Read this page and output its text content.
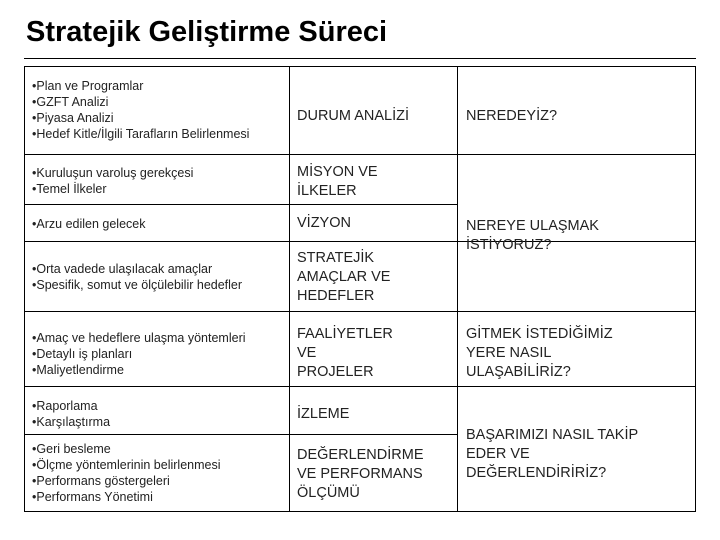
Stratejik Geliştirme Süreci
• Plan ve Programlar
• GZFT Analizi
• Piyasa Analizi
• Hedef Kitle/İlgili Tarafların Belirlenmesi
DURUM ANALİZİ
• Kuruluşun varoluş gerekçesi
• Temel İlkeler
MİSYON VE
İLKELER
• Arzu edilen gelecek	VİZYON
• Orta vadede ulaşılacak amaçlar
• Spesifik, somut ve ölçülebilir hedefler
STRATEJİK
AMAÇLAR VE
HEDEFLER
• Amaç ve hedeflere ulaşma yöntemleri
• Detaylı iş planları
• Maliyetlendirme
FAALİYETLER
VE
PROJELER
• Raporlama
• Karşılaştırma
İZLEME
• Geri besleme
• Ölçme yöntemlerinin belirlenmesi
• Performans göstergeleri
• Performans Yönetimi
DEĞERLENDİRME
VE PERFORMANS
ÖLÇÜMÜ
NEREDEYİZ?
NEREYE ULAŞMAK
İSTİYORUZ?
GİTMEK İSTEDİĞİMİZ
YERE NASIL
ULAŞABİLİRİZ?
BAŞARIMIZI NASIL TAKİP
EDER VE
DEĞERLENDİRİRİZ?
